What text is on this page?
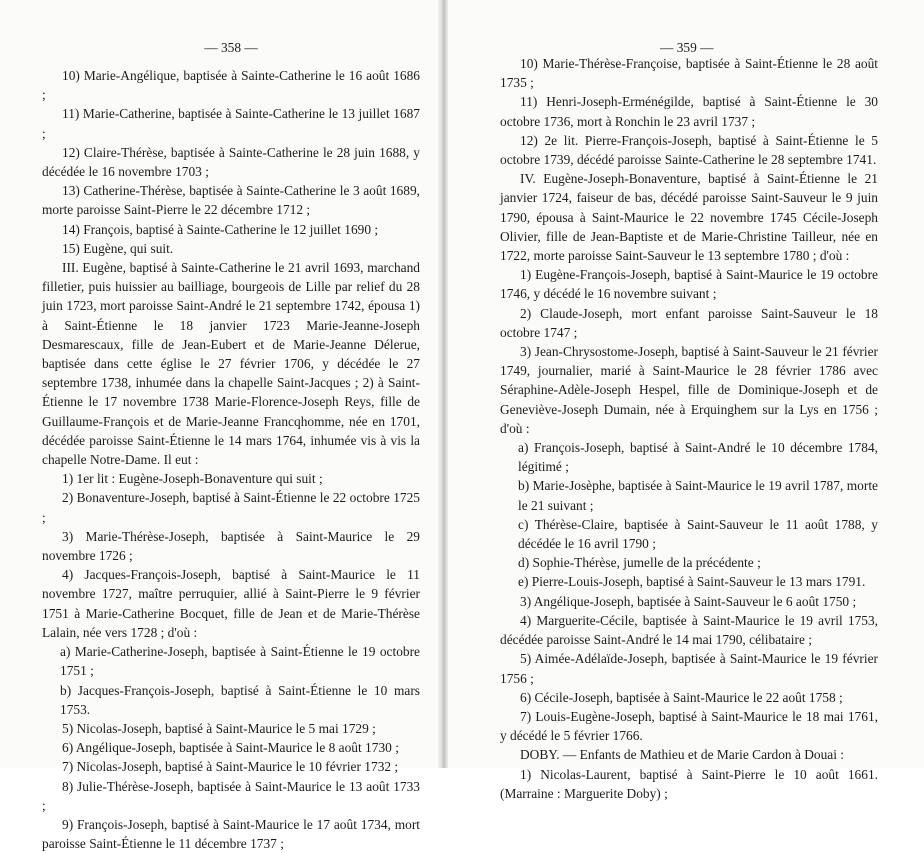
— 358 —

10) Marie-Angélique, baptisée à Sainte-Catherine le 16 août 1686 ;

11) Marie-Catherine, baptisée à Sainte-Catherine le 13 juillet 1687 ;

12) Claire-Thérèse, baptisée à Sainte-Catherine le 28 juin 1688, y décédée le 16 novembre 1703 ;

13) Catherine-Thérèse, baptisée à Sainte-Catherine le 3 août 1689, morte paroisse Saint-Pierre le 22 décembre 1712 ;

14) François, baptisé à Sainte-Catherine le 12 juillet 1690 ;

15) Eugène, qui suit.

III. Eugène, baptisé à Sainte-Catherine le 21 avril 1693, marchand filletier, puis huissier au bailliage, bourgeois de Lille par relief du 28 juin 1723, mort paroisse Saint-André le 21 septembre 1742, épousa 1) à Saint-Étienne le 18 janvier 1723 Marie-Jeanne-Joseph Desmarescaux, fille de Jean-Eubert et de Marie-Jeanne Délerue, baptisée dans cette église le 27 février 1706, y décédée le 27 septembre 1738, inhumée dans la chapelle Saint-Jacques ; 2) à Saint-Étienne le 17 novembre 1738 Marie-Florence-Joseph Reys, fille de Guillaume-François et de Marie-Jeanne Francqhomme, née en 1701, décédée paroisse Saint-Étienne le 14 mars 1764, inhumée vis à vis la chapelle Notre-Dame. Il eut :

1) 1er lit : Eugène-Joseph-Bonaventure qui suit ;

2) Bonaventure-Joseph, baptisé à Saint-Étienne le 22 octobre 1725 ;

3) Marie-Thérèse-Joseph, baptisée à Saint-Maurice le 29 novembre 1726 ;

4) Jacques-François-Joseph, baptisé à Saint-Maurice le 11 novembre 1727, maître perruquier, allié à Saint-Pierre le 9 février 1751 à Marie-Catherine Bocquet, fille de Jean et de Marie-Thérèse Lalain, née vers 1728 ; d'où :

a) Marie-Catherine-Joseph, baptisée à Saint-Étienne le 19 octobre 1751 ;

b) Jacques-François-Joseph, baptisé à Saint-Étienne le 10 mars 1753.

5) Nicolas-Joseph, baptisé à Saint-Maurice le 5 mai 1729 ;

6) Angélique-Joseph, baptisée à Saint-Maurice le 8 août 1730 ;

7) Nicolas-Joseph, baptisé à Saint-Maurice le 10 février 1732 ;

8) Julie-Thérèse-Joseph, baptisée à Saint-Maurice le 13 août 1733 ;

9) François-Joseph, baptisé à Saint-Maurice le 17 août 1734, mort paroisse Saint-Étienne le 11 décembre 1737 ;

— 359 —

10) Marie-Thérèse-Françoise, baptisée à Saint-Étienne le 28 août 1735 ;

11) Henri-Joseph-Erménégilde, baptisé à Saint-Étienne le 30 octobre 1736, mort à Ronchin le 23 avril 1737 ;

12) 2e lit. Pierre-François-Joseph, baptisé à Saint-Étienne le 5 octobre 1739, décédé paroisse Sainte-Catherine le 28 septembre 1741.

IV. Eugène-Joseph-Bonaventure, baptisé à Saint-Étienne le 21 janvier 1724, faiseur de bas, décédé paroisse Saint-Sauveur le 9 juin 1790, épousa à Saint-Maurice le 22 novembre 1745 Cécile-Joseph Olivier, fille de Jean-Baptiste et de Marie-Christine Tailleur, née en 1722, morte paroisse Saint-Sauveur le 13 septembre 1780 ; d'où :

1) Eugène-François-Joseph, baptisé à Saint-Maurice le 19 octobre 1746, y décédé le 16 novembre suivant ;

2) Claude-Joseph, mort enfant paroisse Saint-Sauveur le 18 octobre 1747 ;

3) Jean-Chrysostome-Joseph, baptisé à Saint-Sauveur le 21 février 1749, journalier, marié à Saint-Maurice le 28 février 1786 avec Séraphine-Adèle-Joseph Hespel, fille de Dominique-Joseph et de Geneviève-Joseph Dumain, née à Erquinghem sur la Lys en 1756 ; d'où :

a) François-Joseph, baptisé à Saint-André le 10 décembre 1784, légitimé ;

b) Marie-Josèphe, baptisée à Saint-Maurice le 19 avril 1787, morte le 21 suivant ;

c) Thérèse-Claire, baptisée à Saint-Sauveur le 11 août 1788, y décédée le 16 avril 1790 ;

d) Sophie-Thérèse, jumelle de la précédente ;

e) Pierre-Louis-Joseph, baptisé à Saint-Sauveur le 13 mars 1791.

3) Angélique-Joseph, baptisée à Saint-Sauveur le 6 août 1750 ;

4) Marguerite-Cécile, baptisée à Saint-Maurice le 19 avril 1753, décédée paroisse Saint-André le 14 mai 1790, célibataire ;

5) Aimée-Adélaïde-Joseph, baptisée à Saint-Maurice le 19 février 1756 ;

6) Cécile-Joseph, baptisée à Saint-Maurice le 22 août 1758 ;

7) Louis-Eugène-Joseph, baptisé à Saint-Maurice le 18 mai 1761, y décédé le 5 février 1766.

DOBY. — Enfants de Mathieu et de Marie Cardon à Douai :

1) Nicolas-Laurent, baptisé à Saint-Pierre le 10 août 1661. (Marraine : Marguerite Doby) ;
